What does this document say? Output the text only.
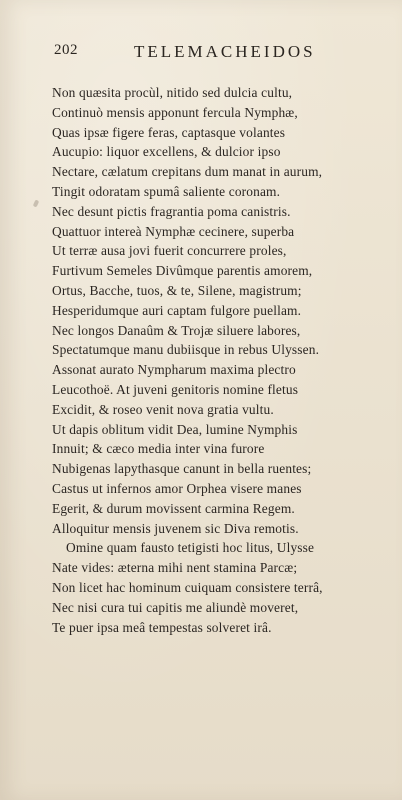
202	TELEMACHEIDOS
Non quæsita procùl, nitido sed dulcia cultu,
Continuò mensis apponunt fercula Nymphæ,
Quas ipsæ figere feras, captasque volantes
Aucupio: liquor excellens, & dulcior ipso
Nectare, cælatum crepitans dum manat in aurum,
Tingit odoratam spumâ saliente coronam.
Nec desunt pictis fragrantia poma canistris.
Quattuor intereà Nymphæ cecinere, superba
Ut terræ ausa jovi fuerit concurrere proles,
Furtivum Semeles Divûmque parentis amorem,
Ortus, Bacche, tuos, & te, Silene, magistrum;
Hesperidumque auri captam fulgore puellam.
Nec longos Danaûm & Trojæ siluere labores,
Spectatumque manu dubiisque in rebus Ulyssen.
Assonat aurato Nympharum maxima plectro
Leucothoë. At juveni genitoris nomine fletus
Excidit, & roseo venit nova gratia vultu.
Ut dapis oblitum vidit Dea, lumine Nymphis
Innuit; & cæco media inter vina furore
Nubigenas lapythasque canunt in bella ruentes;
Castus ut infernos amor Orphea visere manes
Egerit, & durum movissent carmina Regem.
Alloquitur mensis juvenem sic Diva remotis.
Omine quam fausto tetigisti hoc litus, Ulysse
Nate vides: æterna mihi nent stamina Parcæ;
Non licet hac hominum cuiquam consistere terrâ,
Nec nisi cura tui capitis me aliundè moveret,
Te puer ipsa meâ tempestas solveret irâ.
